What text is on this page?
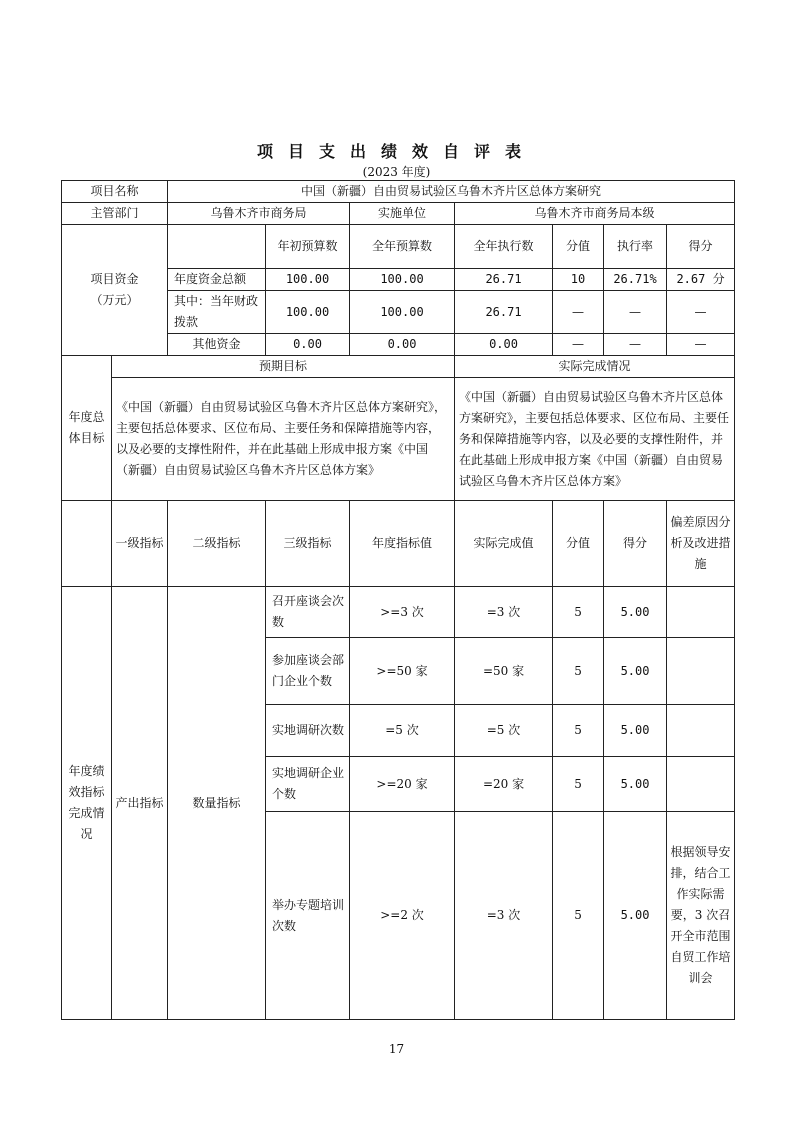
项目支出绩效自评表
(2023 年度)
项目名称		中国（新疆）自由贸易试验区乌鲁木齐片区总体方案研究						
主管部门		乌鲁木齐市商务局		实施单位	乌鲁木齐市商务局本级			
项目资金
（万元）			年初预算数	全年预算数	全年执行数	分值	执行率	得分
		年度资金总额	100.00	100.00	26.71	10	26.71%	2.67 分
		其中：当年财政拨款	100.00	100.00	26.71	—	—	—
		其他资金	0.00	0.00	0.00	—	—	—
年度总体目标	预期目标				实际完成情况			
	《中国（新疆）自由贸易试验区乌鲁木齐片区总体方案研究》，主要包括总体要求、区位布局、主要任务和保障措施等内容，以及必要的支撑性附件，并在此基础上形成申报方案《中国（新疆）自由贸易试验区乌鲁木齐片区总体方案》				《中国（新疆）自由贸易试验区乌鲁木齐片区总体方案研究》，主要包括总体要求、区位布局、主要任务和保障措施等内容，以及必要的支撑性附件，并在此基础上形成申报方案《中国（新疆）自由贸易试验区乌鲁木齐片区总体方案》			
	一级指标	二级指标	三级指标	年度指标值	实际完成值	分值	得分	偏差原因分析及改进措施
年度绩效指标完成情况	产出指标	数量指标	召开座谈会次数	>=3 次	=3 次	5	5.00	
			参加座谈会部门企业个数	>=50 家	=50 家	5	5.00	
			实地调研次数	=5 次	=5 次	5	5.00	
			实地调研企业个数	>=20 家	=20 家	5	5.00	
			举办专题培训次数	>=2 次	=3 次	5	5.00	根据领导安排，结合工作实际需要，3 次召开全市范围自贸工作培训会
17
